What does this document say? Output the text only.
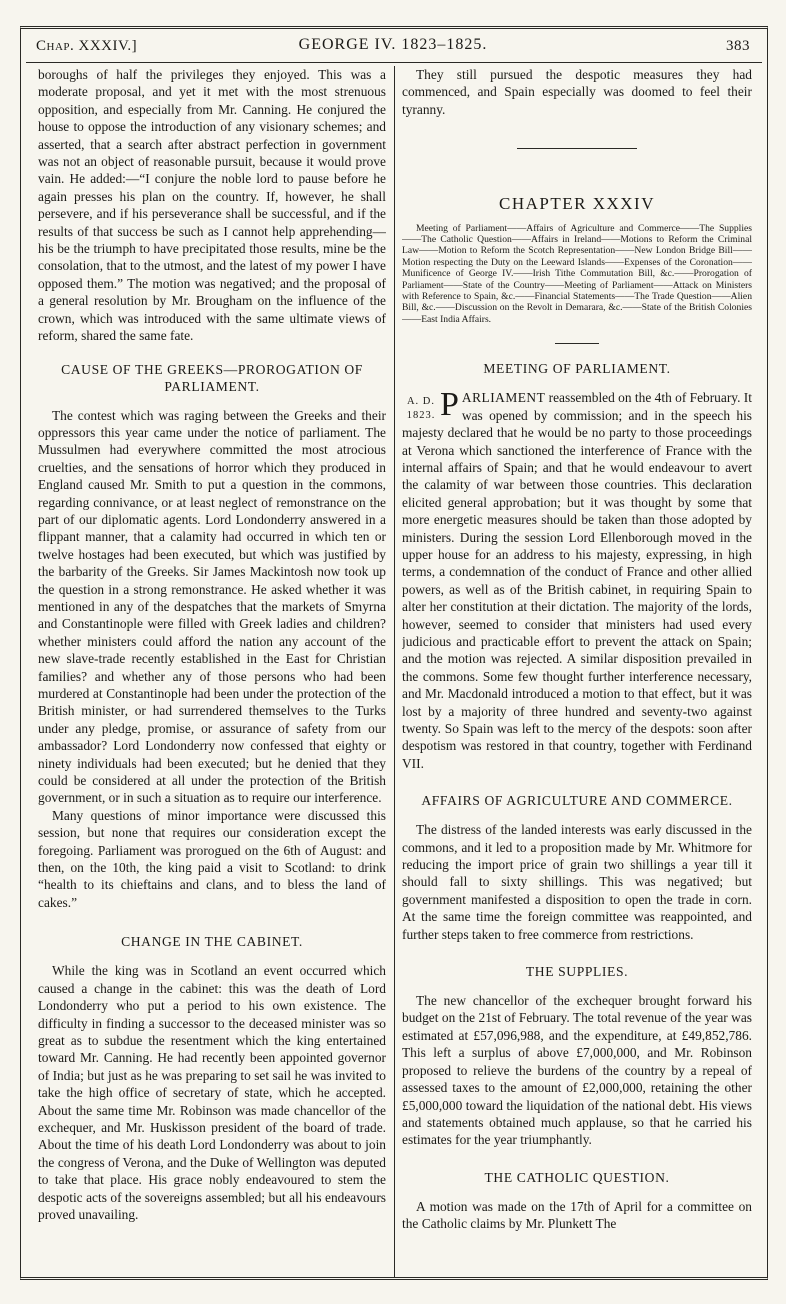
Chap. XXXIV.]	GEORGE IV. 1823–1825.	383

boroughs of half the privileges they enjoyed. This was a moderate proposal, and yet it met with the most strenuous opposition, and especially from Mr. Canning. He conjured the house to oppose the introduction of any visionary schemes; and asserted, that a search after abstract perfection in government was not an object of reasonable pursuit, because it would prove vain. He added:—“I conjure the noble lord to pause before he again presses his plan on the country. If, however, he shall persevere, and if his perseverance shall be successful, and if the results of that success be such as I cannot help apprehending—his be the triumph to have precipitated those results, mine be the consolation, that to the utmost, and the latest of my power I have opposed them.” The motion was negatived; and the proposal of a general resolution by Mr. Brougham on the influence of the crown, which was introduced with the same ultimate views of reform, shared the same fate.

CAUSE OF THE GREEKS—PROROGATION OF PARLIAMENT.

The contest which was raging between the Greeks and their oppressors this year came under the notice of parliament. The Mussulmen had everywhere committed the most atrocious cruelties, and the sensations of horror which they produced in England caused Mr. Smith to put a question in the commons, regarding connivance, or at least neglect of remonstrance on the part of our diplomatic agents. Lord Londonderry answered in a flippant manner, that a calamity had occurred in which ten or twelve hostages had been executed, but which was justified by the barbarity of the Greeks. Sir James Mackintosh now took up the question in a strong remonstrance. He asked whether it was mentioned in any of the despatches that the markets of Smyrna and Constantinople were filled with Greek ladies and children? whether ministers could afford the nation any account of the new slave-trade recently established in the East for Christian families? and whether any of those persons who had been murdered at Constantinople had been under the protection of the British minister, or had surrendered themselves to the Turks under any pledge, promise, or assurance of safety from our ambassador? Lord Londonderry now confessed that eighty or ninety individuals had been executed; but he denied that they could be considered at all under the protection of the British government, or in such a situation as to require our interference.

Many questions of minor importance were discussed this session, but none that requires our consideration except the foregoing. Parliament was prorogued on the 6th of August: and then, on the 10th, the king paid a visit to Scotland: to drink “health to its chieftains and clans, and to bless the land of cakes.”

CHANGE IN THE CABINET.

While the king was in Scotland an event occurred which caused a change in the cabinet: this was the death of Lord Londonderry who put a period to his own existence. The difficulty in finding a successor to the deceased minister was so great as to subdue the resentment which the king entertained toward Mr. Canning. He had recently been appointed governor of India; but just as he was preparing to set sail he was invited to take the high office of secretary of state, which he accepted. About the same time Mr. Robinson was made chancellor of the exchequer, and Mr. Huskisson president of the board of trade. About the time of his death Lord Londonderry was about to join the congress of Verona, and the Duke of Wellington was deputed to take that place. His grace nobly endeavoured to stem the despotic acts of the sovereigns assembled; but all his endeavours proved unavailing.

They still pursued the despotic measures they had commenced, and Spain especially was doomed to feel their tyranny.

CHAPTER XXXIV

Meeting of Parliament——Affairs of Agriculture and Commerce——The Supplies——The Catholic Question——Affairs in Ireland——Motions to Reform the Criminal Law——Motion to Reform the Scotch Representation——New London Bridge Bill——Motion respecting the Duty on the Leeward Islands——Expenses of the Coronation——Munificence of George IV.——Irish Tithe Commutation Bill, &c.——Prorogation of Parliament——State of the Country——Meeting of Parliament——Attack on Ministers with Reference to Spain, &c.——Financial Statements——The Trade Question——Alien Bill, &c.——Discussion on the Revolt in Demarara, &c.——State of the British Colonies——East India Affairs.

MEETING OF PARLIAMENT.
A. D.
1823. P ARLIAMENT reassembled on the 4th of February. It was opened by commission; and in the speech his majesty declared that he would be no party to those proceedings at Verona which sanctioned the interference of France with the internal affairs of Spain; and that he would endeavour to avert the calamity of war between those countries. This declaration elicited general approbation; but it was thought by some that more energetic measures should be taken than those adopted by ministers. During the session Lord Ellenborough moved in the upper house for an address to his majesty, expressing, in high terms, a condemnation of the conduct of France and other allied powers, as well as of the British cabinet, in requiring Spain to alter her constitution at their dictation. The majority of the lords, however, seemed to consider that ministers had used every judicious and practicable effort to prevent the attack on Spain; and the motion was rejected. A similar disposition prevailed in the commons. Some few thought further interference necessary, and Mr. Macdonald introduced a motion to that effect, but it was lost by a majority of three hundred and seventy-two against twenty. So Spain was left to the mercy of the despots: soon after despotism was restored in that country, together with Ferdinand VII.

AFFAIRS OF AGRICULTURE AND COMMERCE.

The distress of the landed interests was early discussed in the commons, and it led to a proposition made by Mr. Whitmore for reducing the import price of grain two shillings a year till it should fall to sixty shillings. This was negatived; but government manifested a disposition to open the trade in corn. At the same time the foreign committee was reappointed, and further steps taken to free commerce from restrictions.

THE SUPPLIES.

The new chancellor of the exchequer brought forward his budget on the 21st of February. The total revenue of the year was estimated at £57,096,988, and the expenditure, at £49,852,786. This left a surplus of above £7,000,000, and Mr. Robinson proposed to relieve the burdens of the country by a repeal of assessed taxes to the amount of £2,000,000, retaining the other £5,000,000 toward the liquidation of the national debt. His views and statements obtained much applause, so that he carried his estimates for the year triumphantly.

THE CATHOLIC QUESTION.

A motion was made on the 17th of April for a committee on the Catholic claims by Mr. Plunkett The
